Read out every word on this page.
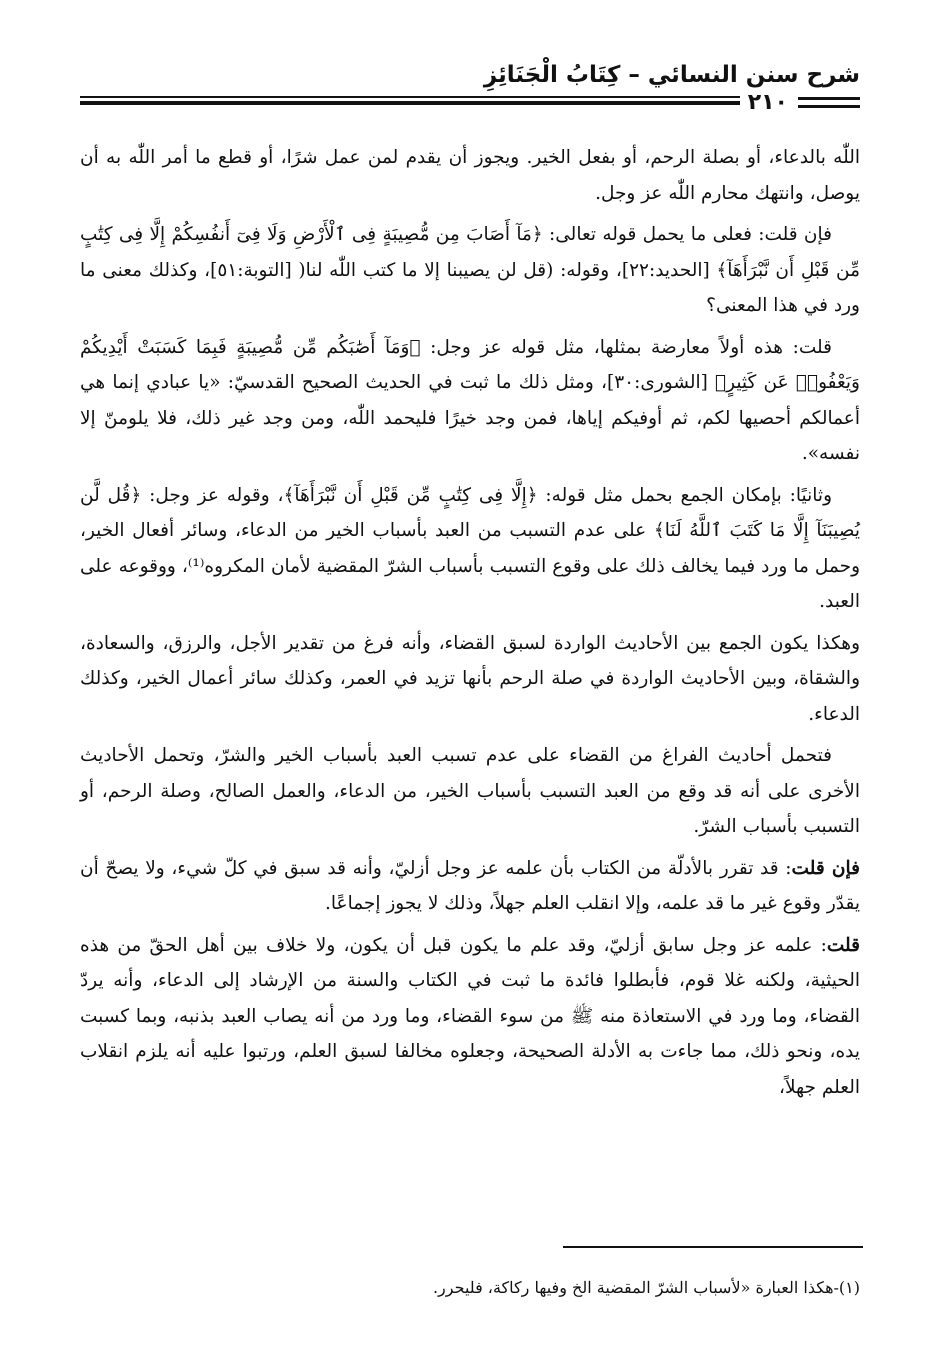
شرح سنن النسائي – كِتَابُ الْجَنَائِزِ
٢١٠

اللّٰه بالدعاء، أو بصلة الرحم، أو بفعل الخير. ويجوز أن يقدم لمن عمل شرًا، أو قطع ما أمر اللّٰه به أن يوصل، وانتهك محارم اللّٰه عز وجل.

فإن قلت: فعلى ما يحمل قوله تعالى: ﴿مَآ أَصَابَ مِن مُّصِيبَةٍ فِى ٱلْأَرْضِ وَلَا فِىٓ أَنفُسِكُمْ إِلَّا فِى كِتَٰبٍ مِّن قَبْلِ أَن نَّبْرَأَهَآ﴾ [الحديد:٢٢]، وقوله: (قل لن يصيبنا إلا ما كتب اللّٰه لنا( [التوبة:٥١]، وكذلك معنى ما ورد في هذا المعنى؟

قلت: هذه أولاً معارضة بمثلها، مثل قوله عز وجل: ﴿وَمَآ أَصَٰبَكُم مِّن مُّصِيبَةٍ فَبِمَا كَسَبَتْ أَيْدِيكُمْ وَيَعْفُوا۟ عَن كَثِيرٍ﴾ [الشورى:٣٠]، ومثل ذلك ما ثبت في الحديث الصحيح القدسيّ: «يا عبادي إنما هي أعمالكم أحصيها لكم، ثم أوفيكم إياها، فمن وجد خيرًا فليحمد اللّٰه، ومن وجد غير ذلك، فلا يلومنّ إلا نفسه».

وثانيًا: بإمكان الجمع بحمل مثل قوله: ﴿إِلَّا فِى كِتَٰبٍ مِّن قَبْلِ أَن نَّبْرَأَهَآ﴾، وقوله عز وجل: ﴿قُل لَّن يُصِيبَنَآ إِلَّا مَا كَتَبَ ٱللَّهُ لَنَا﴾ على عدم التسبب من العبد بأسباب الخير من الدعاء، وسائر أفعال الخير، وحمل ما ورد فيما يخالف ذلك على وقوع التسبب بأسباب الشرّ المقضية لأمان المكروه⁽¹⁾، ووقوعه على العبد.

وهكذا يكون الجمع بين الأحاديث الواردة لسبق القضاء، وأنه فرغ من تقدير الأجل، والرزق، والسعادة، والشقاة، وبين الأحاديث الواردة في صلة الرحم بأنها تزيد في العمر، وكذلك سائر أعمال الخير، وكذلك الدعاء.

فتحمل أحاديث الفراغ من القضاء على عدم تسبب العبد بأسباب الخير والشرّ، وتحمل الأحاديث الأخرى على أنه قد وقع من العبد التسبب بأسباب الخير، من الدعاء، والعمل الصالح، وصلة الرحم، أو التسبب بأسباب الشرّ.

فإن قلت: قد تقرر بالأدلّة من الكتاب بأن علمه عز وجل أزليّ، وأنه قد سبق في كلّ شيء، ولا يصحّ أن يقدّر وقوع غير ما قد علمه، وإلا انقلب العلم جهلاً، وذلك لا يجوز إجماعًا.

قلت: علمه عز وجل سابق أزليّ، وقد علم ما يكون قبل أن يكون، ولا خلاف بين أهل الحقّ من هذه الحيثية، ولكنه غلا قوم، فأبطلوا فائدة ما ثبت في الكتاب والسنة من الإرشاد إلى الدعاء، وأنه يردّ القضاء، وما ورد في الاستعاذة منه ﷺ من سوء القضاء، وما ورد من أنه يصاب العبد بذنبه، وبما كسبت يده، ونحو ذلك، مما جاءت به الأدلة الصحيحة، وجعلوه مخالفا لسبق العلم، ورتبوا عليه أنه يلزم انقلاب العلم جهلاً،

(١)-هكذا العبارة «لأسباب الشرّ المقضية الخ وفيها ركاكة، فليحرر.
